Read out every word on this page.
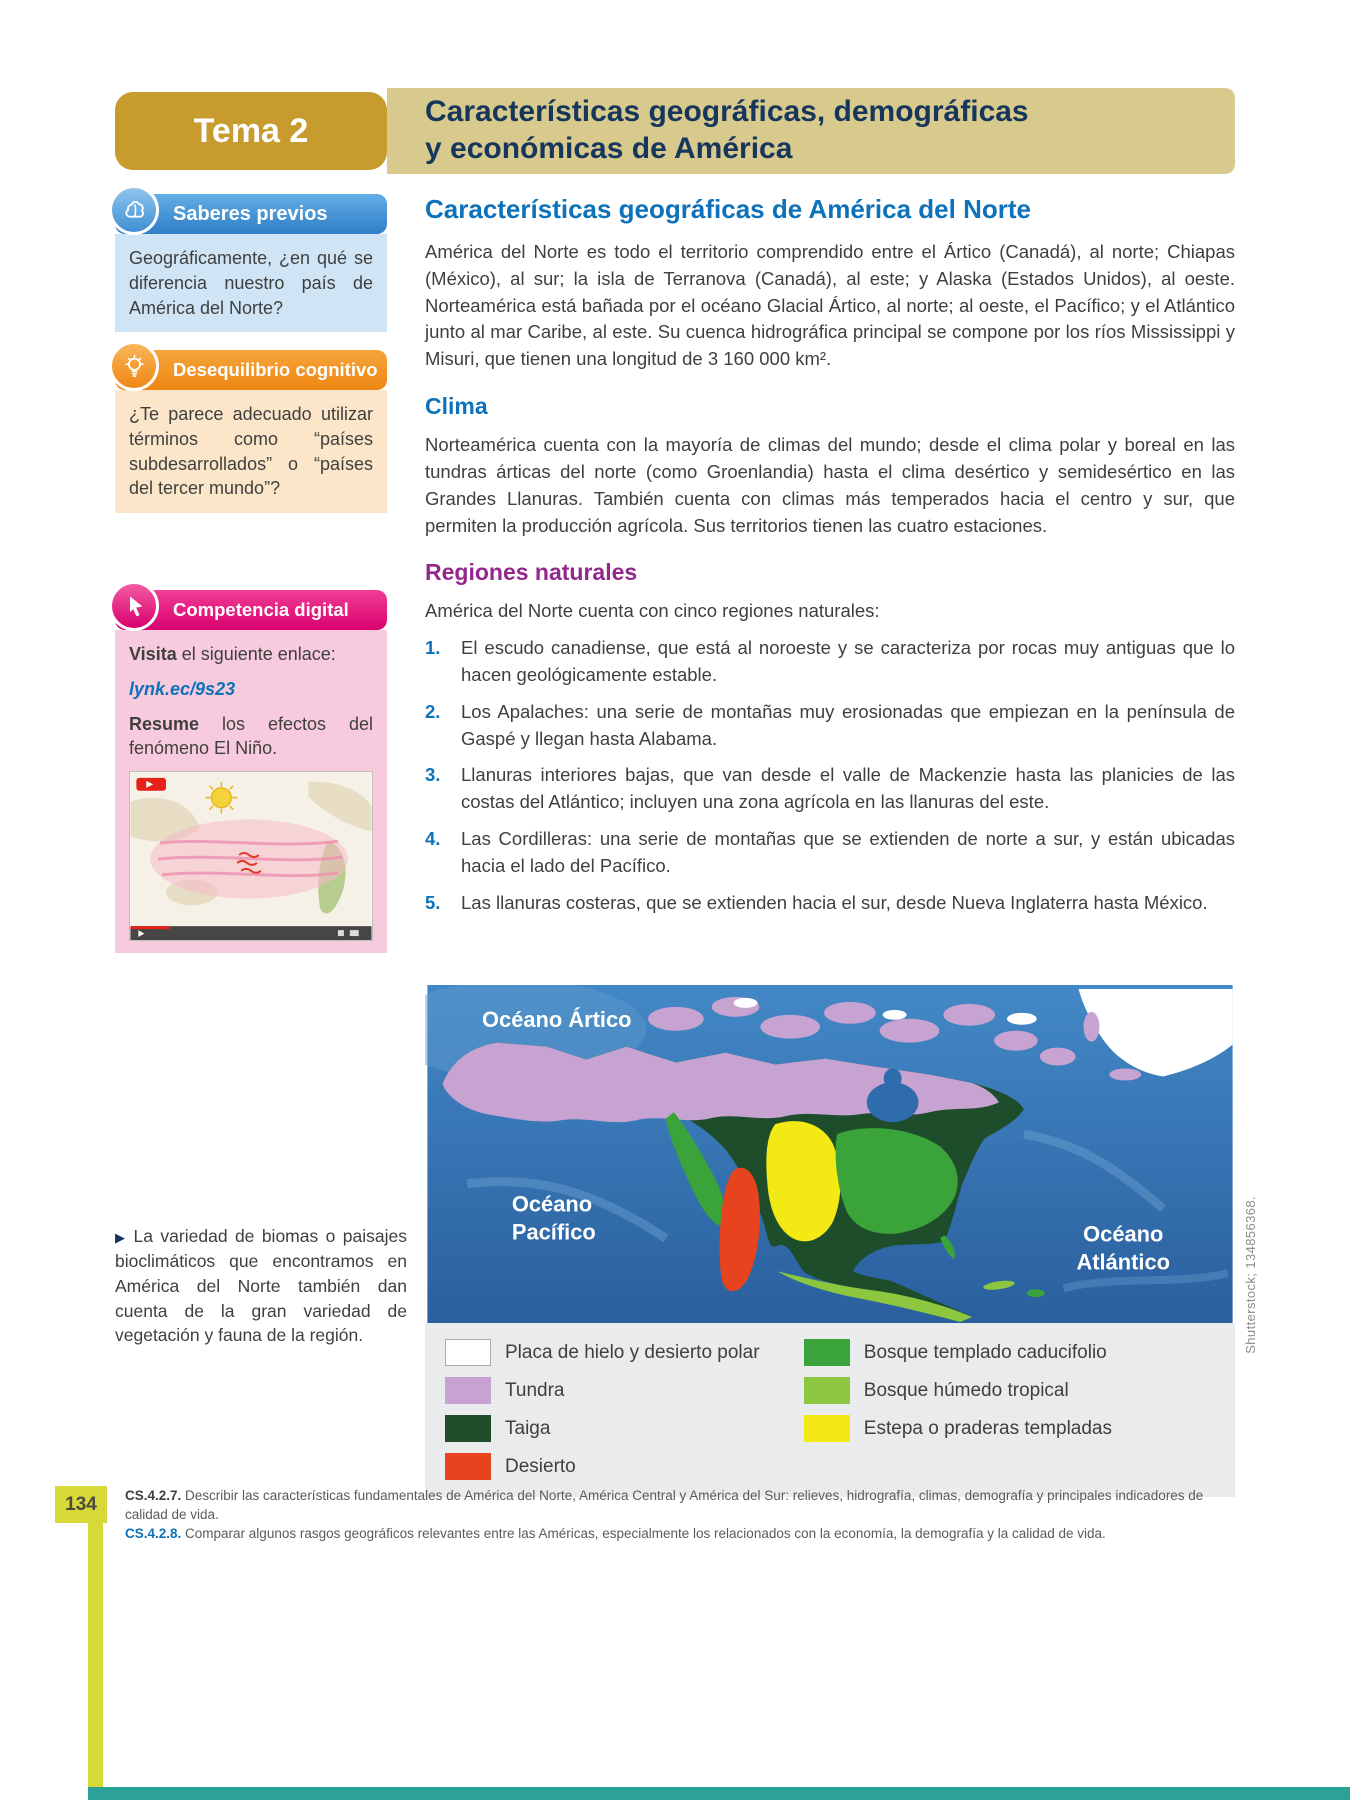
Tema 2	Características geográficas, demográficas
y económicas de América
Saberes previos
Geográficamente, ¿en qué se diferencia nuestro país de América del Norte?
Desequilibrio cognitivo
¿Te parece adecuado utilizar términos como “países subdesarrollados” o “países del tercer mundo”?
Competencia digital

Visita el siguiente enlace:

lynk.ec/9s23

Resume los efectos del fenómeno El Niño.

▶ La variedad de biomas o paisajes bioclimáticos que encontramos en América del Norte también dan cuenta de la gran variedad de vegetación y fauna de la región.
Características geográficas de América del Norte

América del Norte es todo el territorio comprendido entre el Ártico (Canadá), al norte; Chiapas (México), al sur; la isla de Terranova (Canadá), al este; y Alaska (Estados Unidos), al oeste. Norteamérica está bañada por el océano Glacial Ártico, al norte; al oeste, el Pacífico; y el Atlántico junto al mar Caribe, al este. Su cuenca hidrográfica principal se compone por los ríos Mississippi y Misuri, que tienen una longitud de 3 160 000 km².

Clima

Norteamérica cuenta con la mayoría de climas del mundo; desde el clima polar y boreal en las tundras árticas del norte (como Groenlandia) hasta el clima desértico y semidesértico en las Grandes Llanuras. También cuenta con climas más temperados hacia el centro y sur, que permiten la producción agrícola. Sus territorios tienen las cuatro estaciones.

Regiones naturales

América del Norte cuenta con cinco regiones naturales:

1.	El escudo canadiense, que está al noroeste y se caracteriza por rocas muy antiguas que lo hacen geológicamente estable.
2.	Los Apalaches: una serie de montañas muy erosionadas que empiezan en la península de Gaspé y llegan hasta Alabama.
3.	Llanuras interiores bajas, que van desde el valle de Mackenzie hasta las planicies de las costas del Atlántico; incluyen una zona agrícola en las llanuras del este.
4.	Las Cordilleras: una serie de montañas que se extienden de norte a sur, y están ubicadas hacia el lado del Pacífico.
5.	Las llanuras costeras, que se extienden hacia el sur, desde Nueva Inglaterra hasta México.
Océano Ártico
Océano
Pacífico	Océano
Atlántico
Placa de hielo y desierto polar
Tundra
Taiga
Desierto
Bosque templado caducifolio
Bosque húmedo tropical
Estepa o praderas templadas
Shutterstock; 134856368.
134	CS.4.2.7. Describir las características fundamentales de América del Norte, América Central y América del Sur: relieves, hidrografía, climas, demografía y principales indicadores de calidad de vida.
CS.4.2.8. Comparar algunos rasgos geográficos relevantes entre las Américas, especialmente los relacionados con la economía, la demografía y la calidad de vida.
